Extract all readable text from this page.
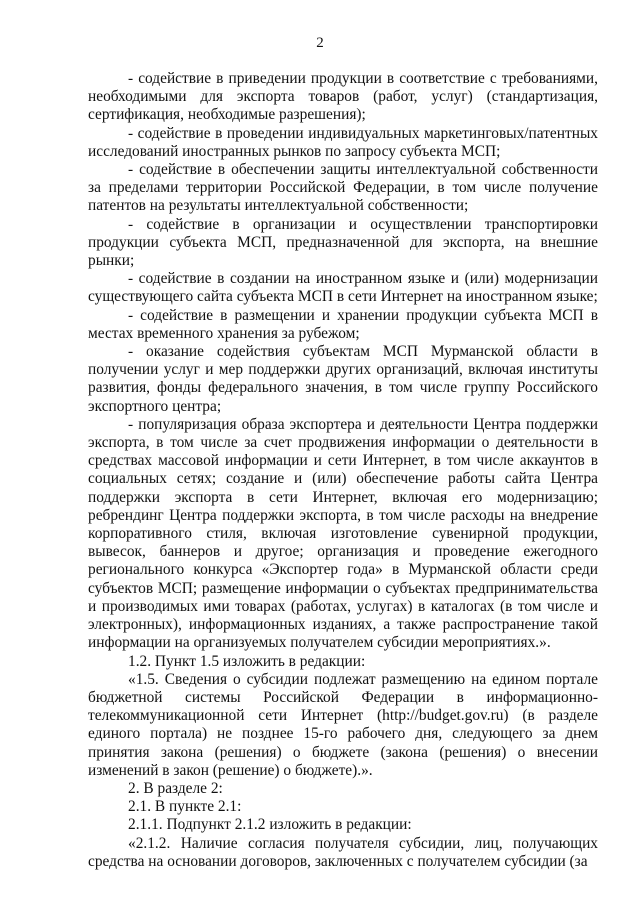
2

- содействие в приведении продукции в соответствие с требованиями, необходимыми для экспорта товаров (работ, услуг) (стандартизация, сертификация, необходимые разрешения);

- содействие в проведении индивидуальных маркетинговых/патентных исследований иностранных рынков по запросу субъекта МСП;

- содействие в обеспечении защиты интеллектуальной собственности за пределами территории Российской Федерации, в том числе получение патентов на результаты интеллектуальной собственности;

- содействие в организации и осуществлении транспортировки продукции субъекта МСП, предназначенной для экспорта, на внешние рынки;

- содействие в создании на иностранном языке и (или) модернизации существующего сайта субъекта МСП в сети Интернет на иностранном языке;

- содействие в размещении и хранении продукции субъекта МСП в местах временного хранения за рубежом;

- оказание содействия субъектам МСП Мурманской области в получении услуг и мер поддержки других организаций, включая институты развития, фонды федерального значения, в том числе группу Российского экспортного центра;

- популяризация образа экспортера и деятельности Центра поддержки экспорта, в том числе за счет продвижения информации о деятельности в средствах массовой информации и сети Интернет, в том числе аккаунтов в социальных сетях; создание и (или) обеспечение работы сайта Центра поддержки экспорта в сети Интернет, включая его модернизацию; ребрендинг Центра поддержки экспорта, в том числе расходы на внедрение корпоративного стиля, включая изготовление сувенирной продукции, вывесок, баннеров и другое; организация и проведение ежегодного регионального конкурса «Экспортер года» в Мурманской области среди субъектов МСП; размещение информации о субъектах предпринимательства и производимых ими товарах (работах, услугах) в каталогах (в том числе и электронных), информационных изданиях, а также распространение такой информации на организуемых получателем субсидии мероприятиях.».

1.2. Пункт 1.5 изложить в редакции:

«1.5. Сведения о субсидии подлежат размещению на едином портале бюджетной системы Российской Федерации в информационно-телекоммуникационной сети Интернет (http://budget.gov.ru) (в разделе единого портала) не позднее 15-го рабочего дня, следующего за днем принятия закона (решения) о бюджете (закона (решения) о внесении изменений в закон (решение) о бюджете).».

2. В разделе 2:

2.1. В пункте 2.1:

2.1.1. Подпункт 2.1.2 изложить в редакции:

«2.1.2. Наличие согласия получателя субсидии, лиц, получающих средства на основании договоров, заключенных с получателем субсидии (за
